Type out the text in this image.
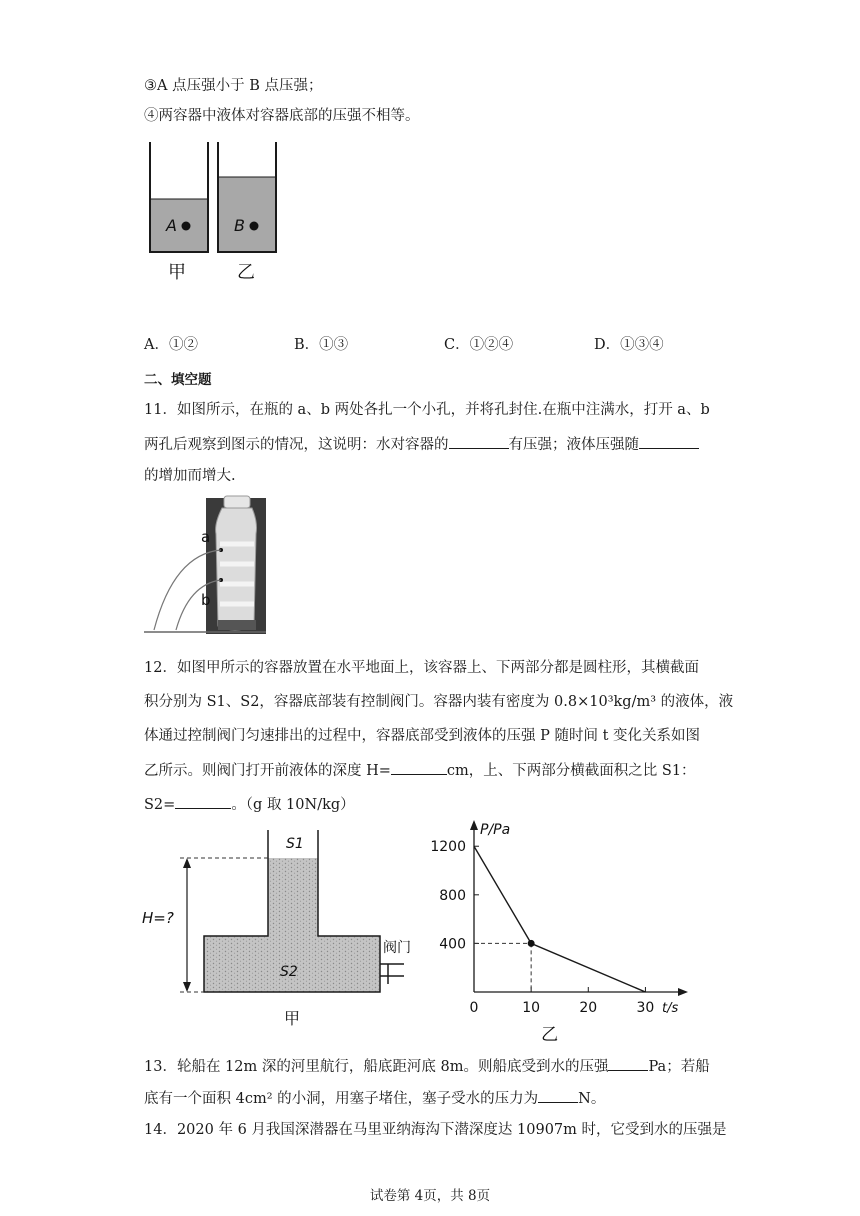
③A 点压强小于 B 点压强；
④两容器中液体对容器底部的压强不相等。
A	B
甲	乙
A．①②	B．①③	C．①②④	D．①③④
二、填空题
11．如图所示，在瓶的 a、b 两处各扎一个小孔，并将孔封住.在瓶中注满水，打开 a、b
两孔后观察到图示的情况，这说明：水对容器的	有压强；液体压强随
的增加而增大.
a
b
12．如图甲所示的容器放置在水平地面上，该容器上、下两部分都是圆柱形，其横截面
积分别为 S1、S2，容器底部装有控制阀门。容器内装有密度为 0.8×10³kg/m³ 的液体，液
体通过控制阀门匀速排出的过程中，容器底部受到液体的压强 P 随时间 t 变化关系如图
乙所示。则阀门打开前液体的深度 H=	cm，上、下两部分横截面积之比 S1：
S2=	。（g 取 10N/kg）
H=?
S1
S2
阀门
甲
P/Pa
t/s
0	10	20	30
400
800
1200
乙
13．轮船在 12m 深的河里航行，船底距河底 8m。则船底受到水的压强	Pa；若船
底有一个面积 4cm² 的小洞，用塞子堵住，塞子受水的压力为	N。
14．2020 年 6 月我国深潜器在马里亚纳海沟下潜深度达 10907m 时，它受到水的压强是
试卷第 4页，共 8页
